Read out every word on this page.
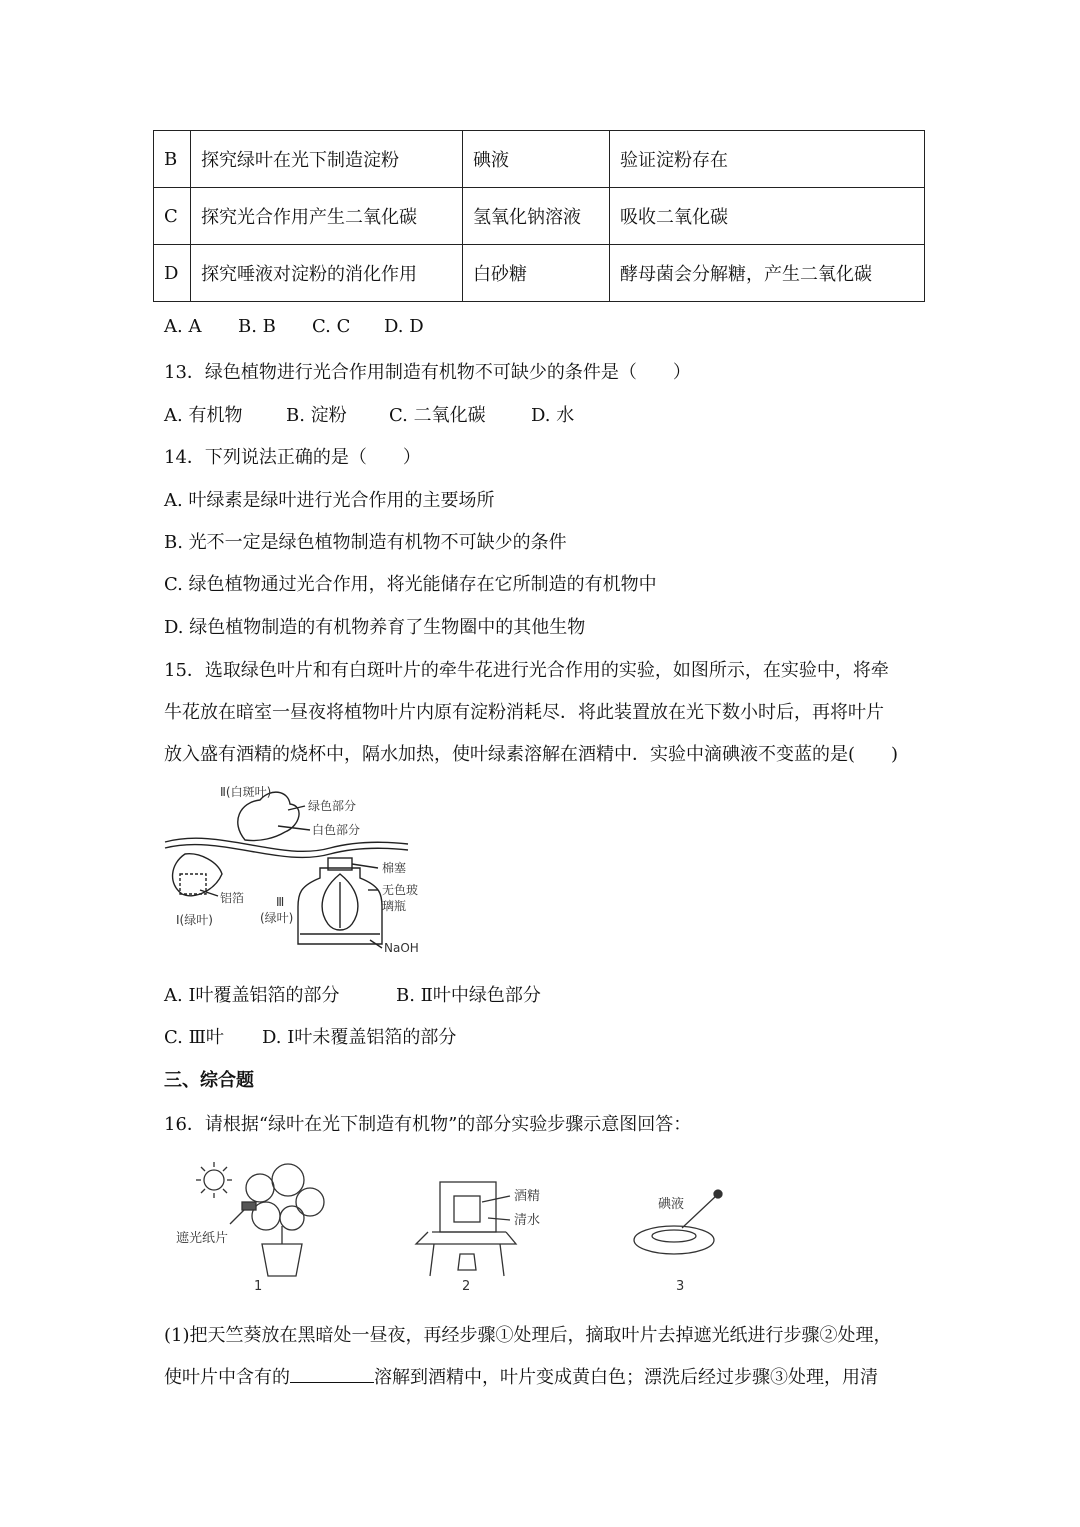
B	探究绿叶在光下制造淀粉	碘液	验证淀粉存在
C	探究光合作用产生二氧化碳	氢氧化钠溶液	吸收二氧化碳
D	探究唾液对淀粉的消化作用	白砂糖	酵母菌会分解糖，产生二氧化碳
A. A B. B C. C D. D
13．绿色植物进行光合作用制造有机物不可缺少的条件是（　　）
A. 有机物 B. 淀粉 C. 二氧化碳	D. 水
14．下列说法正确的是（　　）
A. 叶绿素是绿叶进行光合作用的主要场所
B. 光不一定是绿色植物制造有机物不可缺少的条件
C. 绿色植物通过光合作用，将光能储存在它所制造的有机物中
D. 绿色植物制造的有机物养育了生物圈中的其他生物
15．选取绿色叶片和有白斑叶片的牵牛花进行光合作用的实验，如图所示，在实验中，将牵
牛花放在暗室一昼夜将植物叶片内原有淀粉消耗尽．将此装置放在光下数小时后，再将叶片
放入盛有酒精的烧杯中，隔水加热，使叶绿素溶解在酒精中．实验中滴碘液不变蓝的是(　　)
Ⅱ(白斑叶)
绿色部分
白色部分
棉塞
无色玻
璃瓶
NaOH
铝箔	Ⅲ
(绿叶)
Ⅰ(绿叶)
A. Ⅰ叶覆盖铝箔的部分	B. Ⅱ叶中绿色部分
C. Ⅲ叶 D. Ⅰ叶未覆盖铝箔的部分
三、综合题
16．请根据“绿叶在光下制造有机物”的部分实验步骤示意图回答：
遮光纸片
1
酒精
清水
2
碘液
3
(1)把天竺葵放在黑暗处一昼夜，再经步骤①处理后，摘取叶片去掉遮光纸进行步骤②处理，
使叶片中含有的	溶解到酒精中，叶片变成黄白色；漂洗后经过步骤③处理，用清
